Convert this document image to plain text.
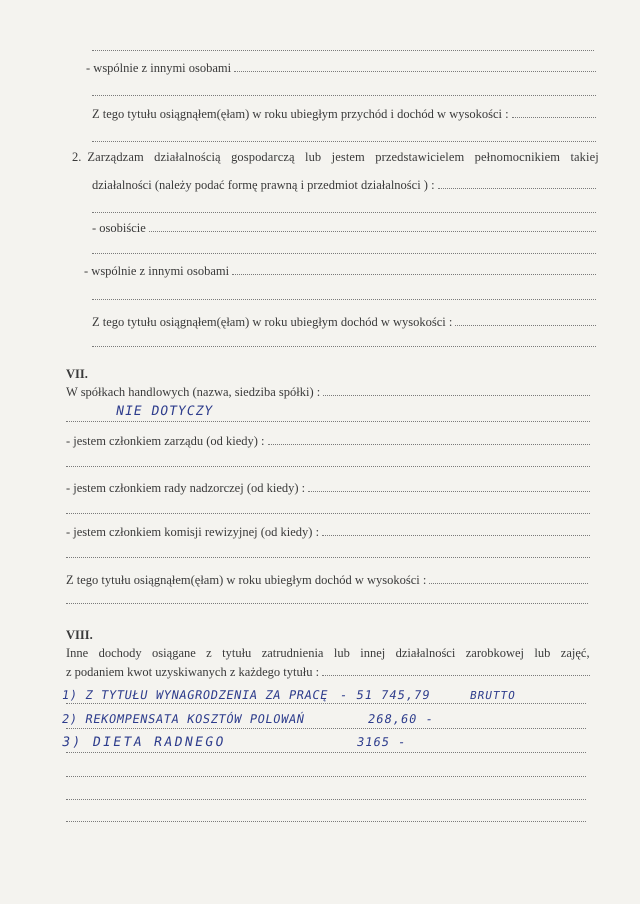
- wspólnie z innymi osobami
Z tego tytułu osiągnąłem(ęłam) w roku ubiegłym przychód i dochód w wysokości :
2. Zarządzam działalnością gospodarczą lub jestem przedstawicielem pełnomocnikiem takiej
działalności (należy podać formę prawną i przedmiot działalności ) :
- osobiście
- wspólnie z innymi osobami
Z tego tytułu osiągnąłem(ęłam) w roku ubiegłym dochód w wysokości :
VII.
W spółkach handlowych (nazwa, siedziba spółki) :
NIE DOTYCZY
- jestem członkiem zarządu (od kiedy) :
- jestem członkiem rady nadzorczej (od kiedy) :
- jestem członkiem komisji rewizyjnej (od kiedy) :
Z tego tytułu osiągnąłem(ęłam) w roku ubiegłym dochód w wysokości :
VIII.
Inne dochody osiągane z tytułu zatrudnienia lub innej działalności zarobkowej lub zajęć,
z podaniem kwot uzyskiwanych z każdego tytułu :
1) Z TYTUŁU WYNAGRODZENIA ZA PRACĘ - 51 745,79	BRUTTO
2) REKOMPENSATA KOSZTÓW POLOWAŃ	268,60 -
3) DIETA RADNEGO	3165 -
